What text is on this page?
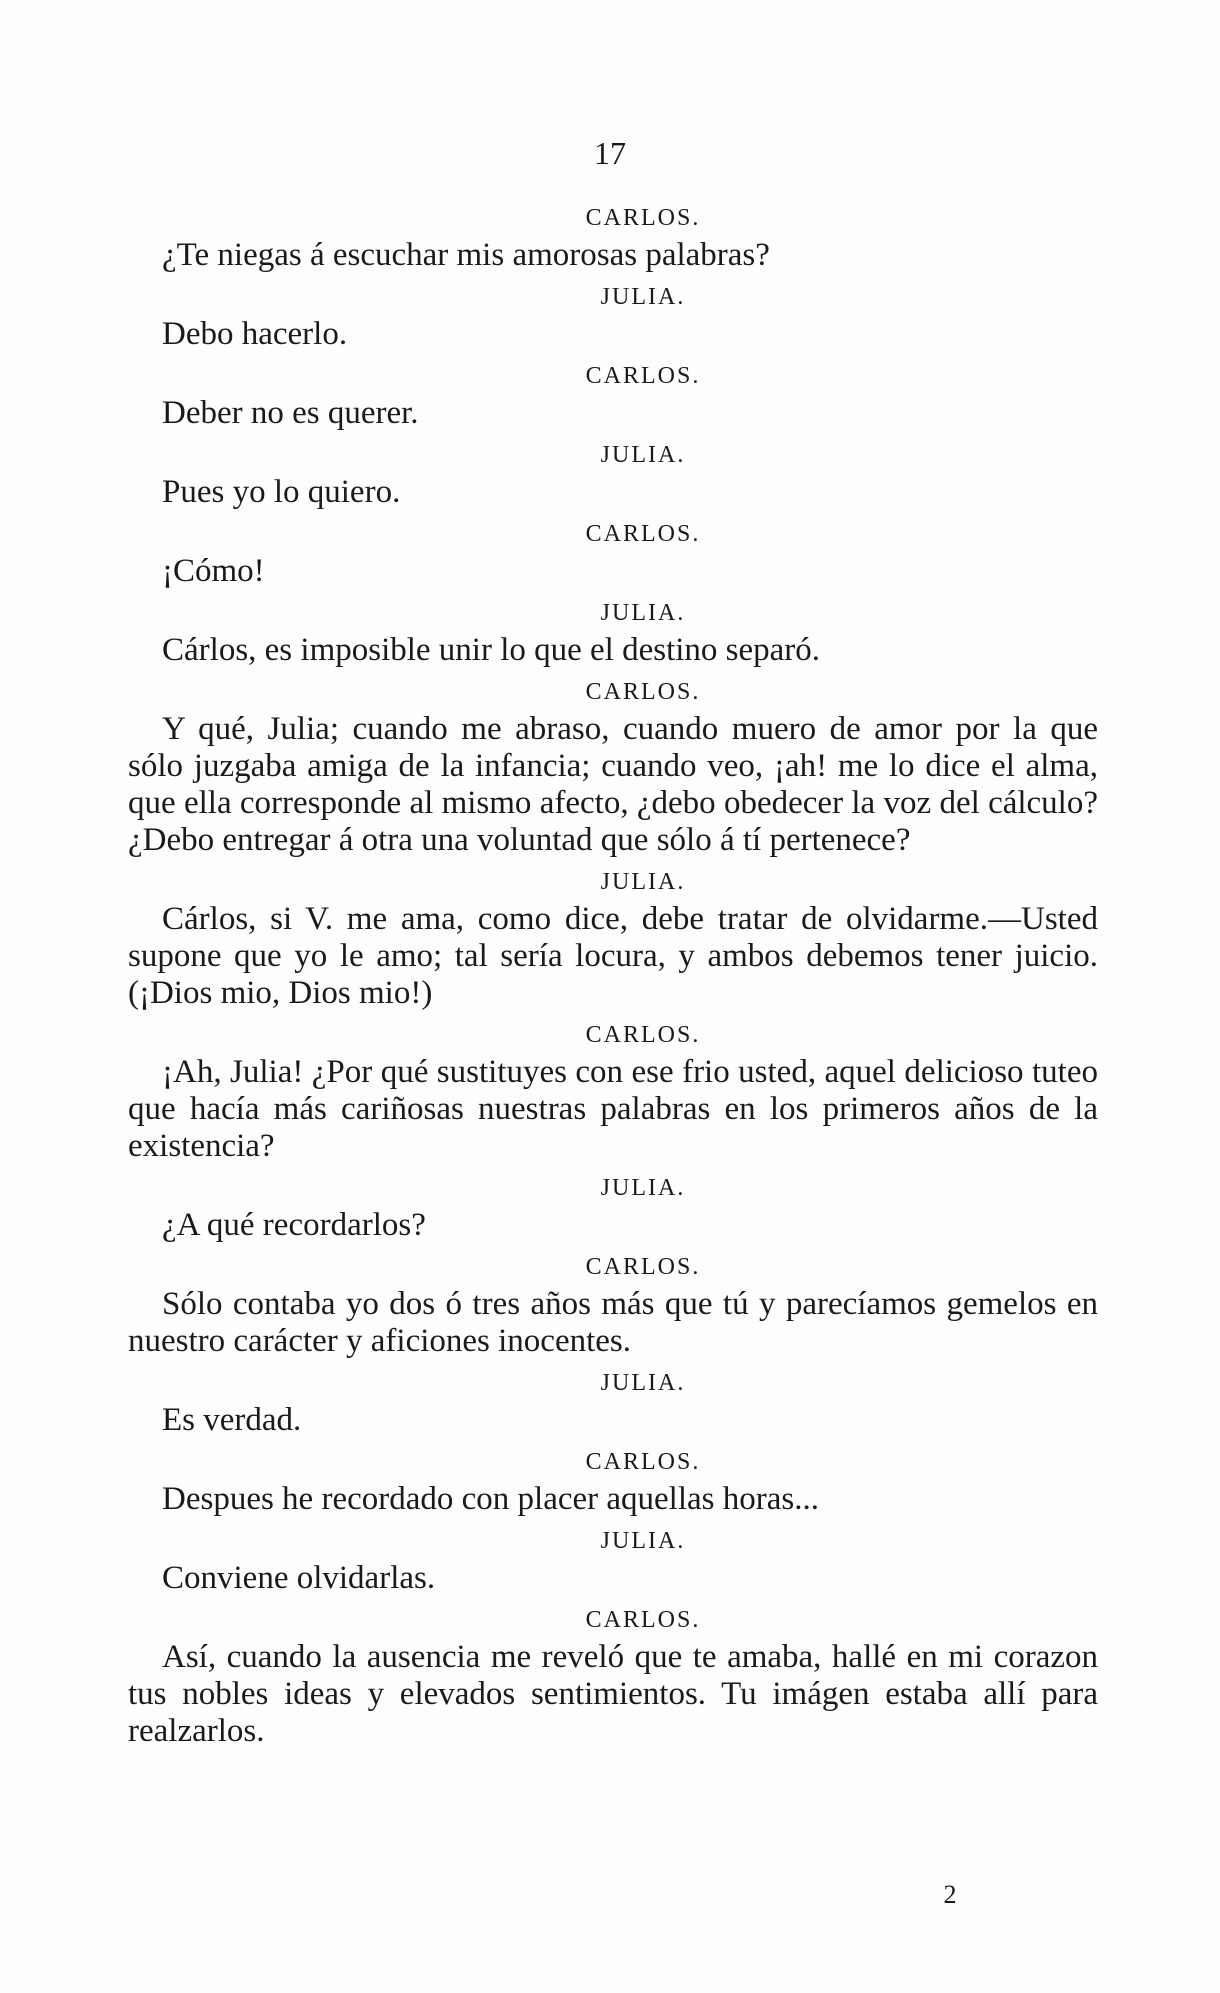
17
CARLOS.

¿Te niegas á escuchar mis amorosas palabras?

JULIA.

Debo hacerlo.

CARLOS.

Deber no es querer.

JULIA.

Pues yo lo quiero.

CARLOS.

¡Cómo!

JULIA.

Cárlos, es imposible unir lo que el destino separó.

CARLOS.

Y qué, Julia; cuando me abraso, cuando muero de amor por la que sólo juzgaba amiga de la infancia; cuando veo, ¡ah! me lo dice el alma, que ella corresponde al mismo afecto, ¿debo obedecer la voz del cálculo? ¿Debo entregar á otra una voluntad que sólo á tí pertenece?

JULIA.

Cárlos, si V. me ama, como dice, debe tratar de olvidarme.—Usted supone que yo le amo; tal sería locura, y ambos debemos tener juicio. (¡Dios mio, Dios mio!)

CARLOS.

¡Ah, Julia! ¿Por qué sustituyes con ese frio usted, aquel delicioso tuteo que hacía más cariñosas nuestras palabras en los primeros años de la existencia?

JULIA.

¿A qué recordarlos?

CARLOS.

Sólo contaba yo dos ó tres años más que tú y parecíamos gemelos en nuestro carácter y aficiones inocentes.

JULIA.

Es verdad.

CARLOS.

Despues he recordado con placer aquellas horas...

JULIA.

Conviene olvidarlas.

CARLOS.

Así, cuando la ausencia me reveló que te amaba, hallé en mi corazon tus nobles ideas y elevados sentimientos. Tu imágen estaba allí para realzarlos.

2
